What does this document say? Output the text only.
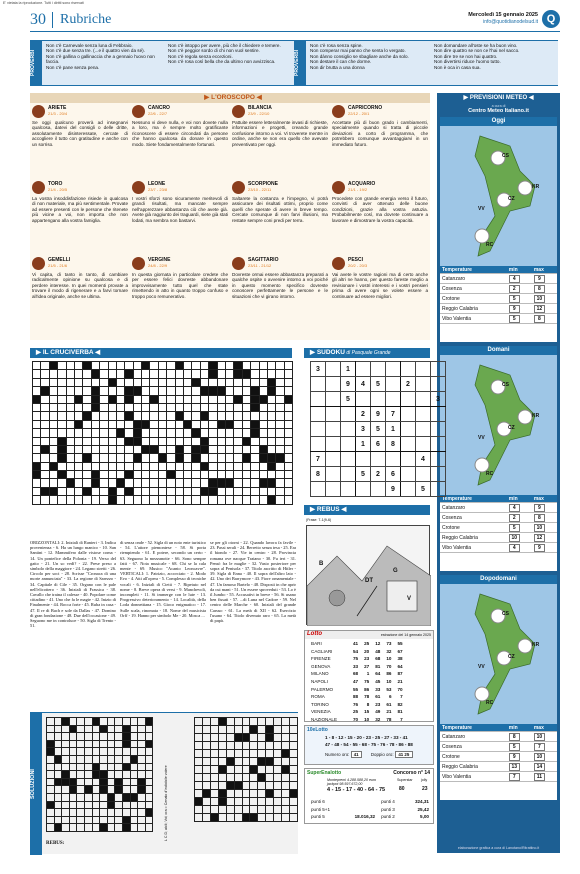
E' vietata la riproduzione. Tutti i diritti sono riservati
30 Rubriche	Mercoledì 15 gennaio 2025
info@quotidianodelsud.it Q
PROVERBI
Non c'è Carnevale senza luna di Febbraio.
Non c'è due senza tre. (...e il quattro vien da sé).
Non c'è gallina o gallinaccia che a gennaio l'uovo non faccia.
Non c'è pane senza pena.
Non c'è intoppo per avere, più che il chiedere e temere.
Non c'è peggior sordo di chi non vuol sentire.
Non c'è regola senza eccezioni.
Non c'è rosa così bella che da ultimo non avvizzisca.	PROVERBI
Non c'è rosa senza spine.
Non comperar mai panno che senta lo vergato.
Non dànno consiglio se sbagliare anche da solo.
Non destare il can che dorme.
Non dir brutta a una donna
Non domandare all'oste se ha buon vino.
Non dire quattro se non ce l'hai nel sacco.
Non dire tre se non hai quattro.
Non divertirsi riduce l'uomo tutto.
Non è oca in casa sua.
▶ L'OROSCOPO ◀
ARIETE
21/3 - 20/4
Se oggi qualcuno proverà ad insegnarvi qualcosa, datevi del consigli o delle dritte, assolutamente disinteressate, cercate di accogliere il tutto con gratitudine e anche con un sorriso.
TORO
21/4 - 20/5
La vostra insoddisfazione risiede in qualcosa di non materiale, ma più sentimentale. Provate ad essere presenti con le persone che ritenete più vicine a voi, non importa che non appartengano alla vostra famiglia.
GEMELLI
21/5 - 21/6
Vi capita, di tanto in tanto, di cambiare radicalmente opinione su qualcosa e di perdere interesse. In quei momenti provate a trovare il modo di rigenerare e a farvi tornare all'idea originale, anche se ultima.
CANCRO
22/6 - 22/7
Nessuno vi deve nulla, e voi non dovete nulla a loro, ma è sempre molto gratificante riconoscere di essere circondati da persone che hanno qualcosa da donare in questo modo. Siete fondamentalmente fortunati.
LEONE
23/7 - 23/8
I vostri sforzi sono sicuramente meritevoli di grandi risultati, ma mancate sempre nell'apprezzare abbastanza ciò che avete già. Avete già raggiunto dei traguardi, siete già stati lodati, ma sembra non bastarvi.
VERGINE
24/8 - 22/9
In questa giornata in particolare credete che per essere felici dovreste abbandonare improvvisamente tutto quel che state rimettendo in atto in quanto troppo confuso e troppo poco remunerativo.
BILANCIA
23/9 - 22/10
Pattuite essere letteralmente invasi di richieste, informazioni e progetti, creando grande confusione intorno a voi. Vi troverete mentre in ordine, anche se non era quello che avevate preventivato per oggi.
SCORPIONE
23/10 - 22/11
Saltarete la costanza e l'impegno, vi potrà assicurare dei risultati ottimi, proprio come quelli che sperate di avere in breve tempo. Cercate comunque di non farvi illusioni, ma restate sempre coni predi per terra.
SAGITTARIO
23/11 - 21/12
Dovreste ormai essere abbastanza preparati a qualche ospite o avvenire intorno a voi poiché in questo momento specifico dovreste conoscere perfettamente le persone e le situazioni che vi girano intorno.
CAPRICORNO
22/12 - 20/1
Accettate più di buon grado i cambiamenti, specialmente quando si tratta di piccole deviazioni a corto di programma, che potrebbero comunque avvantaggiarvi in un immediato futuro.
ACQUARIO
21/1 - 19/2
Procedete con grande energia verso il futuro, convinti di aver ottenuto delle buone condizioni, grazie alla vostra astuzia. Probabilmente così, ma dovrete continuare a lavorare e dimostrare la vostra capacità.
PESCI
20/2 - 20/3
Vai avete le vostre ragioni ma di certo anche gli altri ne hanno, per questo fareste meglio a revisionare i vostri interessi e i vostri pensieri prima di avere ogni se volete essere a continuare ad essere migliori.
▶ PREVISIONI METEO ◀
a cura di
Centro Meteo Italiano.it
Oggi
CS
KR
CZ
VV
RC
Temperature	min	max
Catanzaro	4	9
Cosenza	2	8
Crotone	5	10
Reggio Calabria	9	12
Vibo Valentia	5	8
Domani
CS
KR
CZ
VV
RC
Temperature	min	max
Catanzaro	4	9
Cosenza	2	8
Crotone	5	10
Reggio Calabria	10	12
Vibo Valentia	4	9
Dopodomani
CS
KR
CZ
VV
RC
Temperature	min	max
Catanzaro	8	10
Cosenza	5	7
Crotone	9	10
Reggio Calabria	13	14
Vibo Valentia	7	11
elaborazione grafica a cura di Lanotano/Ritrattino.it
▶ IL CRUCIVERBA ◀

ORIZZONTALI: 2. Iniziali di Ranieri - 3. Indica provenienza - 6. Ha un lungo manico - 10. San Santini - 12. Mammifero dalle vistose corna - 14. Un pontefice della Polonia - 19. Verso del gatto - 21. Un so vedì? - 22. Prese preso a simbolo della maggiore - 24. Legano stretti - 26. Circolo per soci - 28. Scrisse "Cronaca di una morte annunciata" - 33. La regione di Sarezzo - 34. Capitale di Cile - 35. Organo con le pale nell'elicottero - 36. Iniziali di Frassica - 38. Cavallo che traina il calesse - 40. Popolare come cittadino - 41. Uno che fa le magie - 42. Inizio di Finalmente - 44. Rocca forte - 45. Ruba in casa - 47. Il re di Bach e sole da Dallas - 47. Domino di gran fondazione - 48. Due dell'occasione - 49. Seguono me in controluce - 50. Sigla di Trento - 51.
di senza onde - 52. Sigla di un noto ente turistico - 54. L'attore piemontese - 58. Si porta riempiendo - 61. E potere, secondo un certo - 63. Seguono la mezzanotte - 66. Sono sempre fatti - 67. Nota musicale - 68. Chi se la cala mente - 69. Musico "Acanto Leoncavre". VERTICALI: 1. Patrizio, accorciato - 2. Modo Evo - 4. Atti all'opera - 5. Complesso di tecniche vocali - 6. Iniziali di Cietti - 7. Ripetuto nel nome - 8. Breve opera di versi - 9. Manchevoli, incompleti - 11. Si immerge con le lute - 13. Progressivo deterioramento - 14. Località, della Loda donnettiana - 15. Gioco enigmatico - 17. Sulle scala, rinomata - 18. Nome del musicista Orff - 19. Hanno per simbolo Me - 20. Mosca ...
se per gli otorni - 22. Quando lavora fa favile - 23. Passi serali - 24. Berretto senza tesa - 25. Era il biondo - 27. Vie in centro - 28. Provincia romana ove nacque Traiano - 30. Fu ieri - 31. Pensò fra le maglie - 32. Vasto posteriore per sopra al Penisola - 37. Titolo ascritto di Hitler - 39. Sigla di Enna - 40. Il sopra dell'altro lato - 42. Uno dei Barrymore - 43. Fiore ornamentale - 47. Un famoso Bartelo - 48. Disposti in che aprir da cui mani - 51. Un essere sproveduti - 53. Lo è il Jumbo - 55. Accusativi in breve - 56. Si usano ben fissati - 57. ...di Luna nel Cadore - 59. Nel centro delle Marche - 60. Iniziali del grande Caruso - 61. La metà di XII - 62. Esercizio l'usano - 64. Titolo divenuto raro - 65. La metà di papà.
▶ SUDOKU di Pasquale Grande
3		1						
		9	4	5		2		
		5						3
			2	9	7			
			3	5	1			
			1	6	8			
7							4	
8			5	2	6			
					9		5	
▶ REBUS ◀
(Frase: 7-1(9-6)
B
DT
G
V
Lotto	estrazione del 14 gennaio 2025
BARI	41	25	12	73	55
CAGLIARI	54	20	48	32	67
FIRENZE	75	23	68	10	38
GENOVA	33	27	81	70	64
MILANO	68	1	64	86	87
NAPOLI	47	75	45	10	21
PALERMO	55	86	33	53	70
ROMA	88	78	61	6	7
TORINO	76	8	23	61	82
VENEZIA	25	15	49	21	81
NAZIONALE	70	10	32	78	7
10eLotto
1 - 8 - 12 - 15 - 20 - 23 - 25 - 27 - 33 - 41
47 - 48 - 54 - 55 - 68 - 75 - 76 - 78 - 86 - 88
Numero oro: 41	Doppio oro: 41 25
SuperEnalotto	Concorso n° 14
Montepremi 4.288.588,20 euro
jackpot 98.597.672,00
4 - 15 - 17 - 40 - 64 - 75
Superstar jolly
80	23
punti 6		punti 4	324,31
punti 5+1		punti 3	25,42
punti 5	18.016,32	punti 2	5,00
SOLUZIONI

REBUS:
L C D; abili; Vol; ora = Cenato d'indicibile volere
